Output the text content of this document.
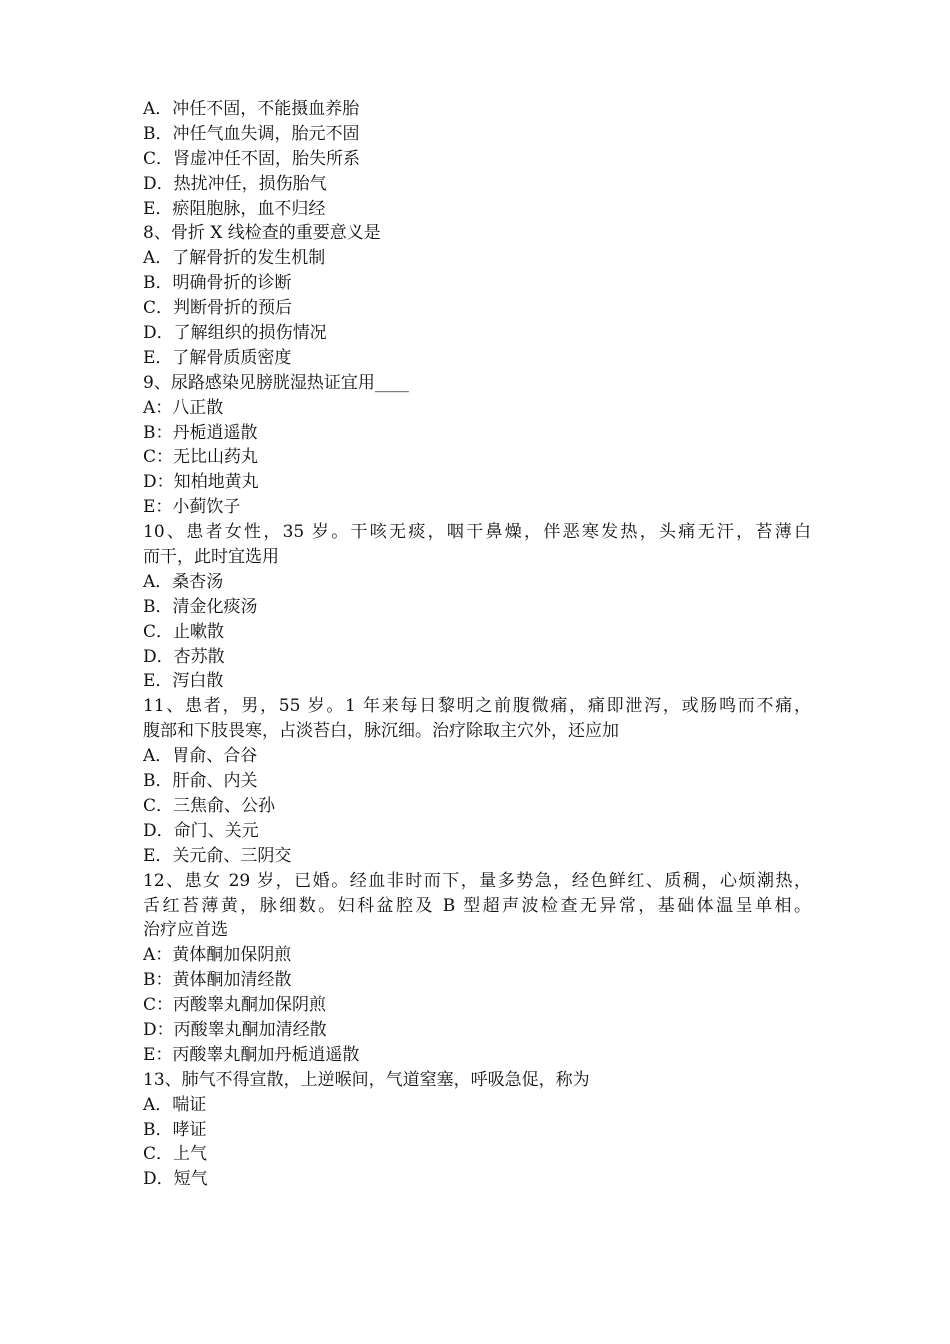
A．冲任不固，不能摄血养胎
B．冲任气血失调，胎元不固
C．肾虚冲任不固，胎失所系
D．热扰冲任，损伤胎气
E．瘀阻胞脉，血不归经
8、骨折 X 线检查的重要意义是
A．了解骨折的发生机制
B．明确骨折的诊断
C．判断骨折的预后
D．了解组织的损伤情况
E．了解骨质质密度
9、尿路感染见膀胱湿热证宜用____
A：八正散
B：丹栀逍遥散
C：无比山药丸
D：知柏地黄丸
E：小蓟饮子
10、患者女性，35 岁。干咳无痰，咽干鼻燥，伴恶寒发热，头痛无汗，苔薄白
而干，此时宜选用
A．桑杏汤
B．清金化痰汤
C．止嗽散
D．杏苏散
E．泻白散
11、患者，男，55 岁。1 年来每日黎明之前腹微痛，痛即泄泻，或肠鸣而不痛，
腹部和下肢畏寒，占淡苔白，脉沉细。治疗除取主穴外，还应加
A．胃俞、合谷
B．肝俞、内关
C．三焦俞、公孙
D．命门、关元
E．关元俞、三阴交
12、患女 29 岁，已婚。经血非时而下，量多势急，经色鲜红、质稠，心烦潮热，
舌红苔薄黄，脉细数。妇科盆腔及 B 型超声波检查无异常，基础体温呈单相。
治疗应首选
A：黄体酮加保阴煎
B：黄体酮加清经散
C：丙酸睾丸酮加保阴煎
D：丙酸睾丸酮加清经散
E：丙酸睾丸酮加丹栀逍遥散
13、肺气不得宣散，上逆喉间，气道窒塞，呼吸急促，称为
A．喘证
B．哮证
C．上气
D．短气
